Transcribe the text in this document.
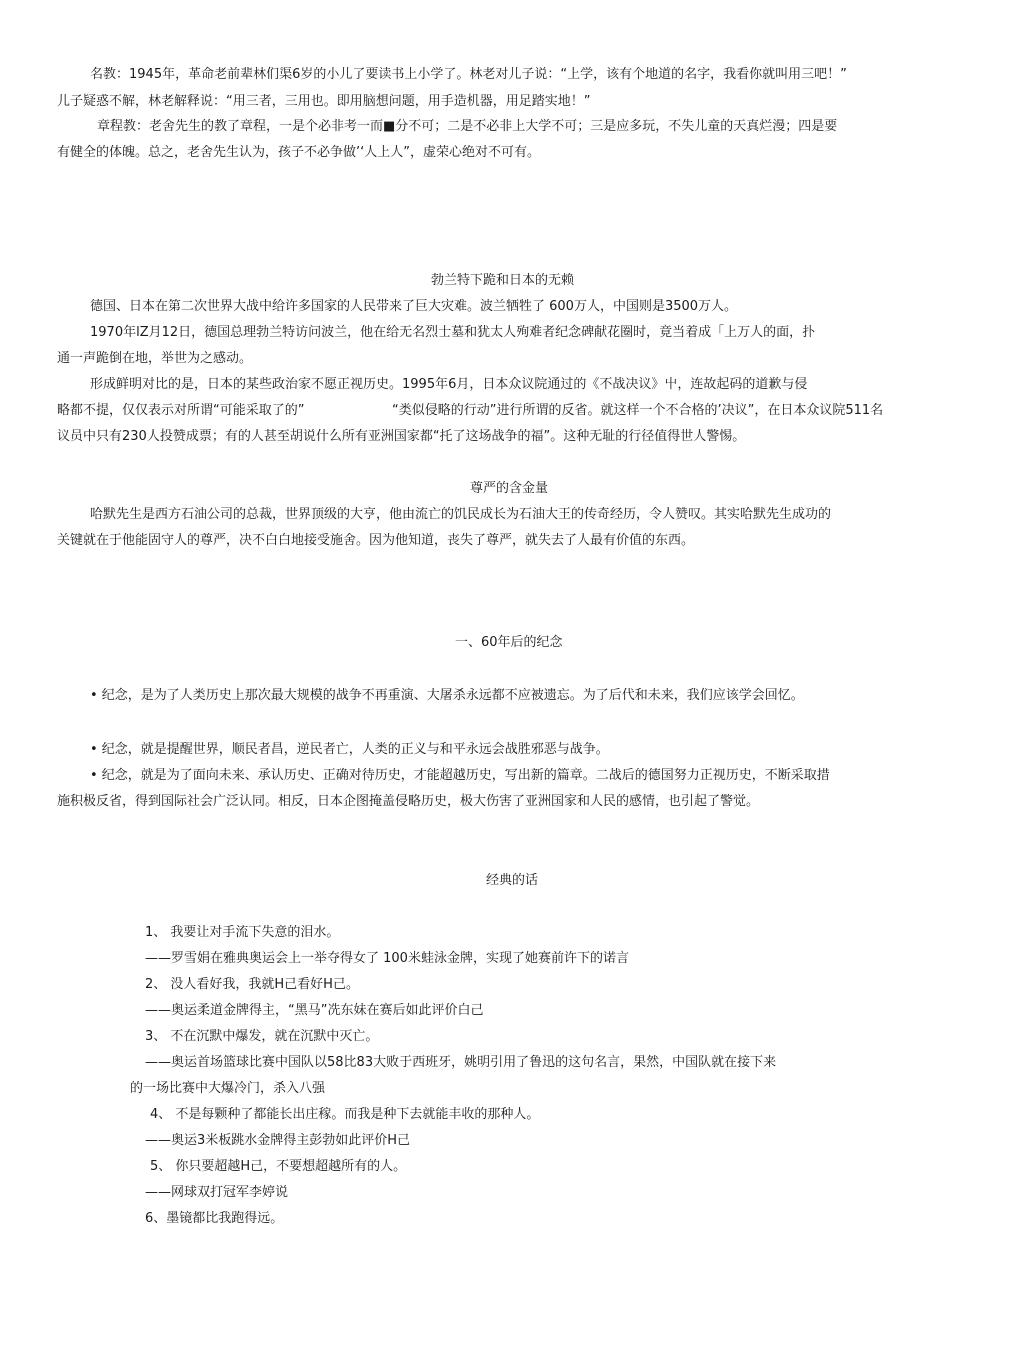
名教：1945年，革命老前辈林们渠6岁的小儿了要读书上小学了。林老对儿子说：“上学，该有个地道的名字，我看你就叫用三吧！”
儿子疑惑不解，林老解释说：“用三者，三用也。即用脑想问题，用手造机器，用足踏实地！”
章程教：老舍先生的教了章程，一是个必非考一而■分不可；二是不必非上大学不可；三是应多玩，不失儿童的天真烂漫；四是要
有健全的体魄。总之，老舍先生认为，孩子不必争做’‘人上人”，虚荣心绝对不可有。
勃兰特下跪和日本的无赖
德国、日本在第二次世界大战中给许多国家的人民带来了巨大灾难。波兰牺牲了 600万人，中国则是3500万人。
1970年lZ月12日，德国总理勃兰特访问波兰，他在给无名烈士墓和犹太人殉难者纪念碑献花圈时，竟当着成「上万人的面，扑
通一声跪倒在地，举世为之感动。
形成鲜明对比的是，日本的某些政治家不愿正视历史。1995年6月，日本众议院通过的《不战决议》屮，连故起码的道歉与侵
略都不提，仅仅表示对所谓“可能采取了的”	“类似侵略的行动”进行所谓的反省。就这样一个不合格的’决议”，在日本众议院511名
议员中只有230人投赞成票；有的人甚至胡说什么所有亚洲国家都“托了这场战争的福”。这种无耻的行径值得世人警惕。
尊严的含金量
哈默先生是西方石油公司的总裁，世界顶级的大亨，他由流亡的饥民成长为石油大王的传奇经历，令人赞叹。其实哈默先生成功的
关键就在于他能固守人的尊严，决不白白地接受施舍。因为他知道，丧失了尊严，就失去了人最有价值的东西。
一、60年后的纪念
• 纪念，是为了人类历史上那次最大规模的战争不再重演、大屠杀永远都不应被遗忘。为了后代和未来，我们应该学会回忆。
• 纪念，就是提醒世界，顺民者昌，逆民者亡，人类的正义与和平永远会战胜邪恶与战争。
• 纪念，就是为了面向未来、承认历史、正确对待历史，才能超越历史，写出新的篇章。二战后的德国努力正视历史，不断采取措
施积极反省，得到国际社会广泛认同。相反，日本企图掩盖侵略历史，极大伤害了亚洲国家和人民的感情，也引起了警觉。
经典的话
1、 我要让对手流下失意的泪水。
——罗雪娟在雅典奥运会上一举夺得女了 100米蛙泳金牌，实现了她赛前许下的诺言
2、 没人看好我，我就H己看好H己。
——奥运柔道金牌得主，“黑马”冼东妹在赛后如此评价白己
3、 不在沉默中爆发，就在沉默中灭亡。
——奥运首场篮球比赛中国队以58比83大败于西班牙，姚明引用了鲁迅的这句名言，果然，中国队就在接下来
的一场比赛中大爆冷门，杀入八强
4、 不是每颗种了都能长出庄稼。而我是种下去就能丰收的那种人。
——奥运3米板跳水金牌得主彭勃如此评价H己
5、 你只要超越H己，不要想超越所有的人。
——网球双打冠军李婷说
6、墨镜都比我跑得远。
